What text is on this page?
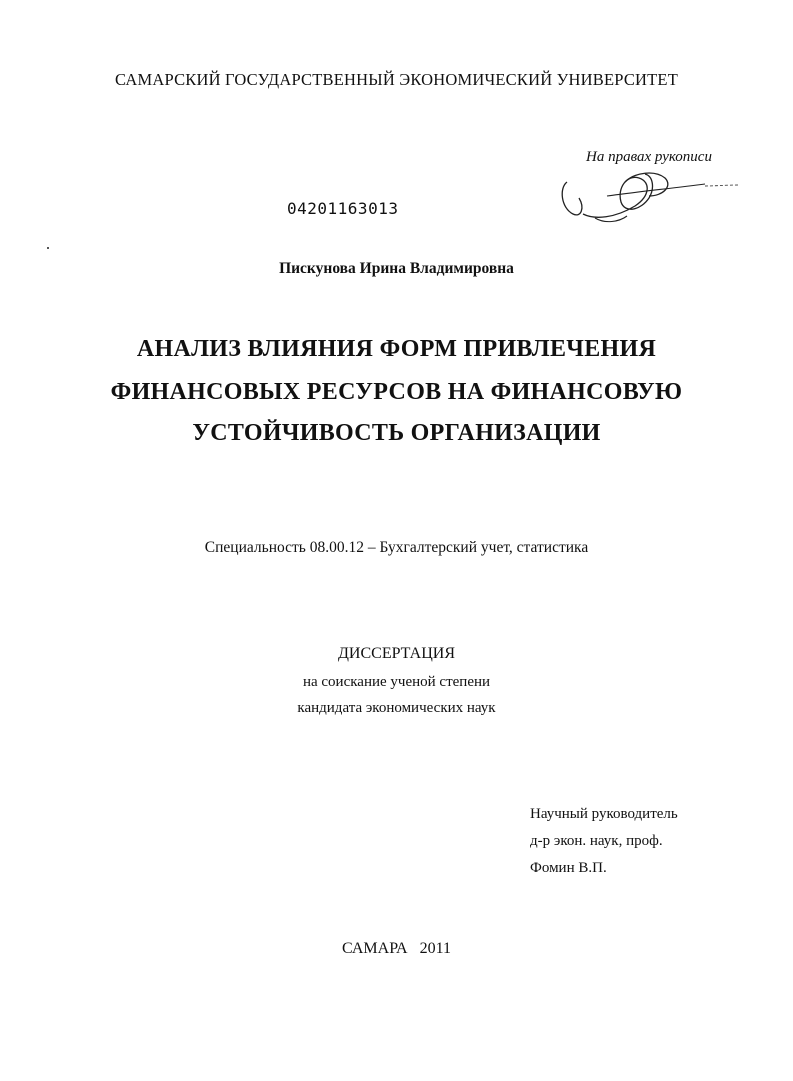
САМАРСКИЙ ГОСУДАРСТВЕННЫЙ ЭКОНОМИЧЕСКИЙ УНИВЕРСИТЕТ
На правах рукописи
04201163013
Пискунова Ирина Владимировна
АНАЛИЗ ВЛИЯНИЯ ФОРМ ПРИВЛЕЧЕНИЯ
ФИНАНСОВЫХ РЕСУРСОВ НА ФИНАНСОВУЮ
УСТОЙЧИВОСТЬ ОРГАНИЗАЦИИ
Специальность 08.00.12 – Бухгалтерский учет, статистика
ДИССЕРТАЦИЯ
на соискание ученой степени
кандидата экономических наук
Научный руководитель
д-р экон. наук, проф.
Фомин В.П.
САМАРА   2011
